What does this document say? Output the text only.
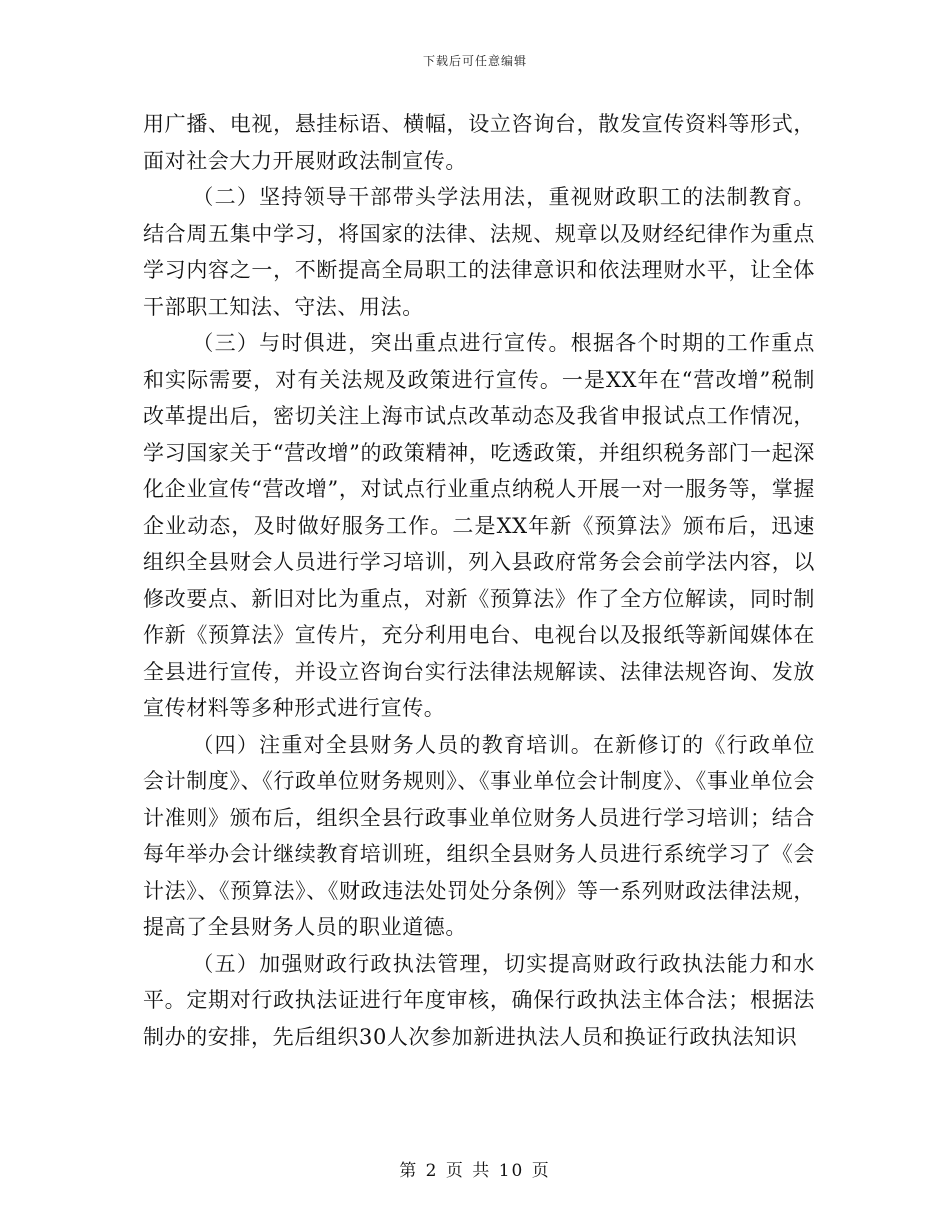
下载后可任意编辑

用广播、电视，悬挂标语、横幅，设立咨询台，散发宣传资料等形式，面对社会大力开展财政法制宣传。

（二）坚持领导干部带头学法用法，重视财政职工的法制教育。结合周五集中学习，将国家的法律、法规、规章以及财经纪律作为重点学习内容之一，不断提高全局职工的法律意识和依法理财水平，让全体干部职工知法、守法、用法。

（三）与时俱进，突出重点进行宣传。根据各个时期的工作重点和实际需要，对有关法规及政策进行宣传。一是XX年在“营改增”税制改革提出后，密切关注上海市试点改革动态及我省申报试点工作情况，学习国家关于“营改增”的政策精神，吃透政策，并组织税务部门一起深化企业宣传“营改增”，对试点行业重点纳税人开展一对一服务等，掌握企业动态，及时做好服务工作。二是XX年新《预算法》颁布后，迅速组织全县财会人员进行学习培训，列入县政府常务会会前学法内容，以修改要点、新旧对比为重点，对新《预算法》作了全方位解读，同时制作新《预算法》宣传片，充分利用电台、电视台以及报纸等新闻媒体在全县进行宣传，并设立咨询台实行法律法规解读、法律法规咨询、发放宣传材料等多种形式进行宣传。

（四）注重对全县财务人员的教育培训。在新修订的《行政单位会计制度》、《行政单位财务规则》、《事业单位会计制度》、《事业单位会计准则》颁布后，组织全县行政事业单位财务人员进行学习培训；结合每年举办会计继续教育培训班，组织全县财务人员进行系统学习了《会计法》、《预算法》、《财政违法处罚处分条例》等一系列财政法律法规，提高了全县财务人员的职业道德。

（五）加强财政行政执法管理，切实提高财政行政执法能力和水平。定期对行政执法证进行年度审核，确保行政执法主体合法；根据法制办的安排，先后组织30人次参加新进执法人员和换证行政执法知识

第 2 页 共 10 页
